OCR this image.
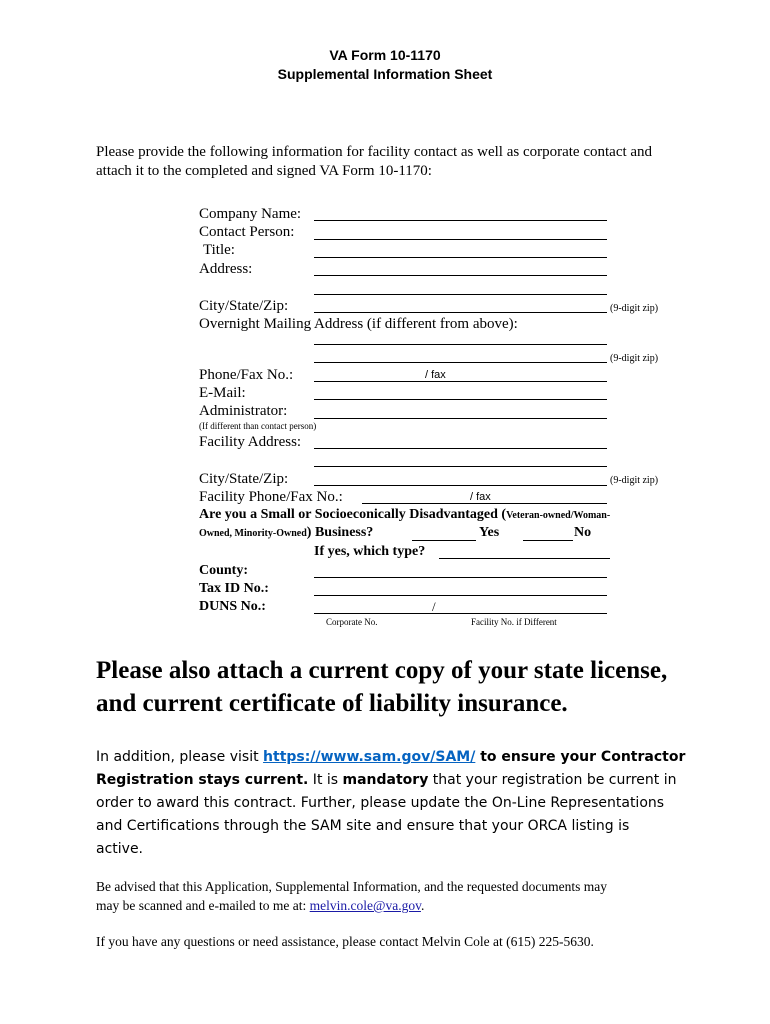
VA Form 10-1170
Supplemental Information Sheet
Please provide the following information for facility contact as well as corporate contact and
attach it to the completed and signed VA Form 10-1170:
Company Name:
Contact Person:
Title:
Address:
City/State/Zip:	(9-digit zip)
Overnight Mailing Address (if different from above):
(9-digit zip)
Phone/Fax No.:	/ fax
E-Mail:
Administrator:
(If different than contact person)
Facility Address:
City/State/Zip:	(9-digit zip)
Facility Phone/Fax No.:	/ fax
Are you a Small or Socioeconically Disadvantaged (Veteran-owned/Woman-
Owned, Minority-Owned) Business?	Yes	No
If yes, which type?
County:
Tax ID No.:
DUNS No.:	/
Corporate No.	Facility No. if Different
Please also attach a current copy of your state license,
and current certificate of liability insurance.
In addition, please visit https://www.sam.gov/SAM/ to ensure your Contractor
Registration stays current. It is mandatory that your registration be current in
order to award this contract. Further, please update the On-Line Representations
and Certifications through the SAM site and ensure that your ORCA listing is
active.
Be advised that this Application, Supplemental Information, and the requested documents may
may be scanned and e-mailed to me at: melvin.cole@va.gov.
If you have any questions or need assistance, please contact Melvin Cole at (615) 225-5630.
